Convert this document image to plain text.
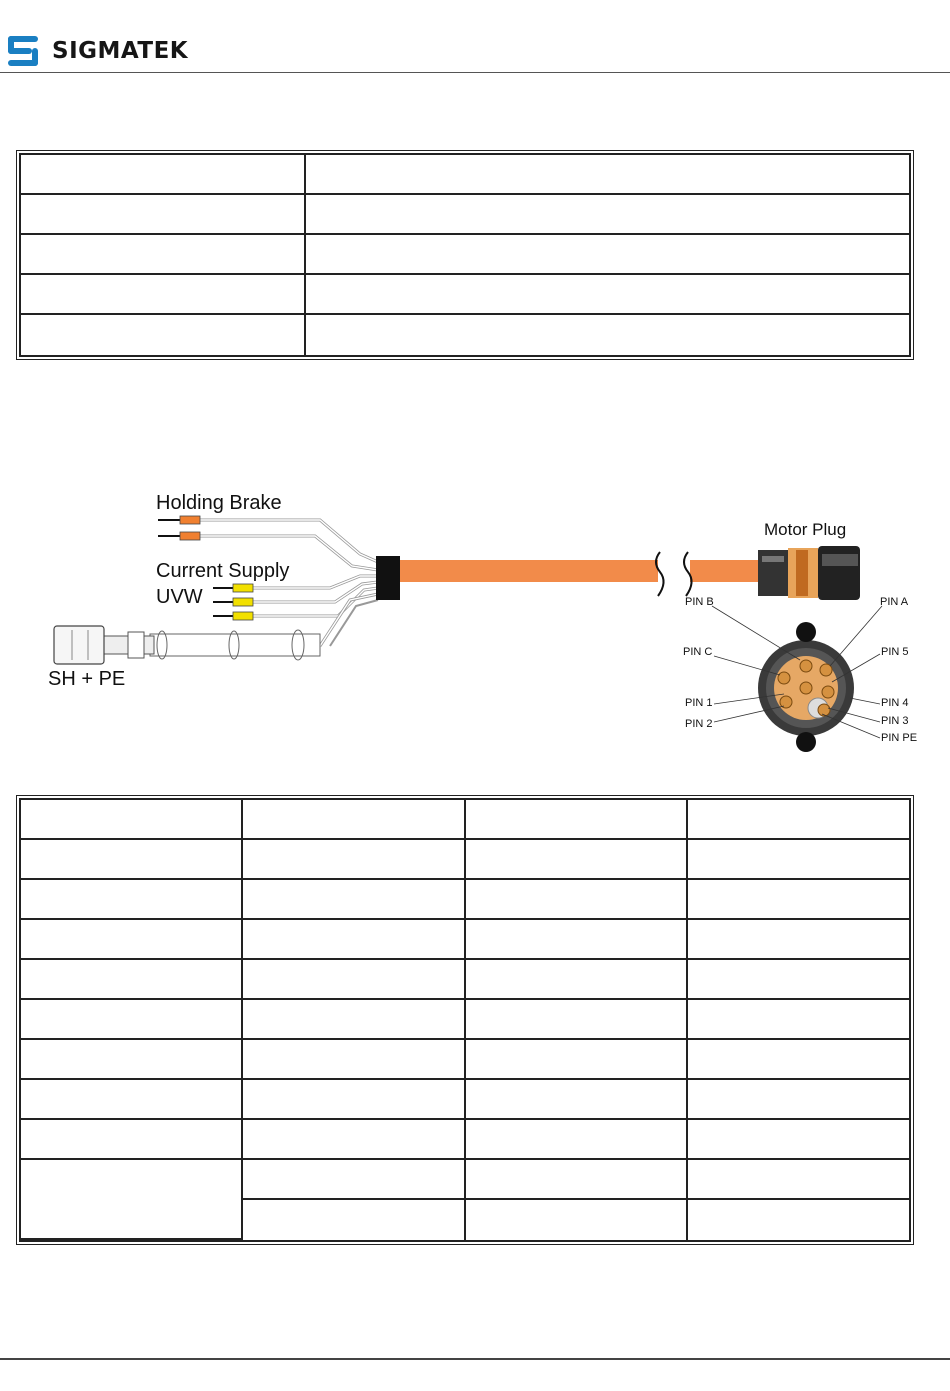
SIGMATEK

Holding Brake
Current Supply
UVW
SH + PE
Motor Plug
PIN B	PIN A
PIN C	PIN 5
PIN 1	PIN 4
PIN 2	PIN 3
PIN PE
